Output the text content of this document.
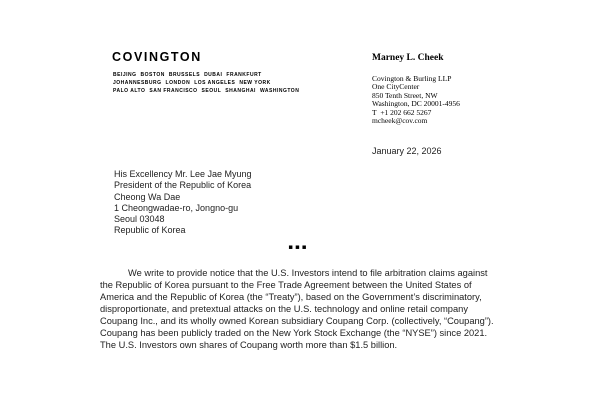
COVINGTON
BEIJING BOSTON BRUSSELS DUBAI FRANKFURT
JOHANNESBURG LONDON LOS ANGELES NEW YORK
PALO ALTO SAN FRANCISCO SEOUL SHANGHAI WASHINGTON
Marney L. Cheek
Covington & Burling LLP
One CityCenter
850 Tenth Street, NW
Washington, DC 20001-4956
T  +1 202 662 5267
mcheek@cov.com
January 22, 2026
His Excellency Mr. Lee Jae Myung
President of the Republic of Korea
Cheong Wa Dae
1 Cheongwadae-ro, Jongno-gu
Seoul 03048
Republic of Korea
▪▪▪
We write to provide notice that the U.S. Investors intend to file arbitration claims against the Republic of Korea pursuant to the Free Trade Agreement between the United States of America and the Republic of Korea (the “Treaty”), based on the Government’s discriminatory, disproportionate, and pretextual attacks on the U.S. technology and online retail company Coupang Inc., and its wholly owned Korean subsidiary Coupang Corp. (collectively, “Coupang”). Coupang has been publicly traded on the New York Stock Exchange (the “NYSE”) since 2021. The U.S. Investors own shares of Coupang worth more than $1.5 billion.
